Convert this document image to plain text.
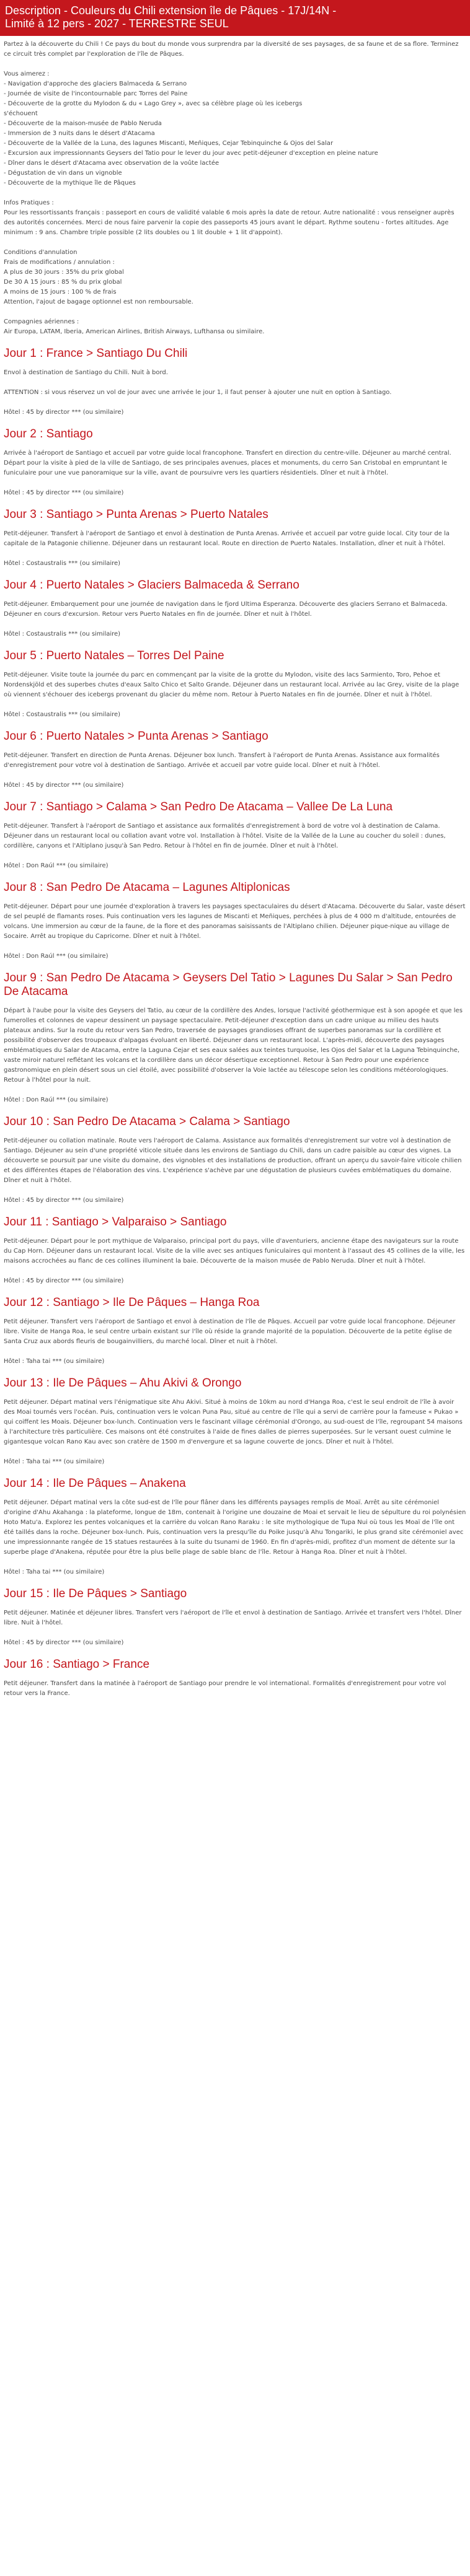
Description - Couleurs du Chili extension île de Pâques - 17J/14N -
Limité à 12 pers - 2027 - TERRESTRE SEUL

Partez à la découverte du Chili ! Ce pays du bout du monde vous surprendra par la diversité de ses paysages, de sa faune et de sa flore. Terminez ce circuit très complet par l'exploration de l'île de Pâques.

Vous aimerez :
- Navigation d'approche des glaciers Balmaceda & Serrano
- Journée de visite de l'incontournable parc Torres del Paine
- Découverte de la grotte du Mylodon & du « Lago Grey », avec sa célèbre plage où les icebergs
s'échouent
- Découverte de la maison-musée de Pablo Neruda
- Immersion de 3 nuits dans le désert d'Atacama
- Découverte de la Vallée de la Luna, des lagunes Miscanti, Meñiques, Cejar Tebinquinche & Ojos del Salar
- Excursion aux impressionnants Geysers del Tatio pour le lever du jour avec petit-déjeuner d'exception en pleine nature
- Dîner dans le désert d'Atacama avec observation de la voûte lactée
- Dégustation de vin dans un vignoble
- Découverte de la mythique île de Pâques
Infos Pratiques :
Pour les ressortissants français : passeport en cours de validité valable 6 mois après la date de retour. Autre nationalité : vous renseigner auprès des autorités concernées. Merci de nous faire parvenir la copie des passeports 45 jours avant le départ. Rythme soutenu - fortes altitudes. Age minimum : 9 ans. Chambre triple possible (2 lits doubles ou 1 lit double + 1 lit d'appoint).
Conditions d'annulation
Frais de modifications / annulation :
A plus de 30 jours : 35% du prix global
De 30 A 15 jours : 85 % du prix global
A moins de 15 jours : 100 % de frais
Attention, l'ajout de bagage optionnel est non remboursable.
Compagnies aériennes :
Air Europa, LATAM, Iberia, American Airlines, British Airways, Lufthansa ou similaire.
Jour 1 : France > Santiago Du Chili

Envol à destination de Santiago du Chili. Nuit à bord.

ATTENTION : si vous réservez un vol de jour avec une arrivée le jour 1, il faut penser à ajouter une nuit en option à Santiago.

Hôtel : 45 by director *** (ou similaire)

Jour 2 : Santiago

Arrivée à l'aéroport de Santiago et accueil par votre guide local francophone. Transfert en direction du centre-ville. Déjeuner au marché central. Départ pour la visite à pied de la ville de Santiago, de ses principales avenues, places et monuments, du cerro San Cristobal en empruntant le funiculaire pour une vue panoramique sur la ville, avant de poursuivre vers les quartiers résidentiels. Dîner et nuit à l'hôtel.

Hôtel : 45 by director *** (ou similaire)

Jour 3 : Santiago > Punta Arenas > Puerto Natales

Petit-déjeuner. Transfert à l'aéroport de Santiago et envol à destination de Punta Arenas. Arrivée et accueil par votre guide local. City tour de la capitale de la Patagonie chilienne. Déjeuner dans un restaurant local. Route en direction de Puerto Natales. Installation, dîner et nuit à l'hôtel.

Hôtel : Costaustralis *** (ou similaire)

Jour 4 : Puerto Natales > Glaciers Balmaceda & Serrano

Petit-déjeuner. Embarquement pour une journée de navigation dans le fjord Ultima Esperanza. Découverte des glaciers Serrano et Balmaceda. Déjeuner en cours d'excursion. Retour vers Puerto Natales en fin de journée. Dîner et nuit à l'hôtel.

Hôtel : Costaustralis *** (ou similaire)

Jour 5 : Puerto Natales – Torres Del Paine

Petit-déjeuner. Visite toute la journée du parc en commençant par la visite de la grotte du Mylodon, visite des lacs Sarmiento, Toro, Pehoe et Nordenskjöld et des superbes chutes d'eaux Salto Chico et Salto Grande. Déjeuner dans un restaurant local. Arrivée au lac Grey, visite de la plage où viennent s'échouer des icebergs provenant du glacier du même nom. Retour à Puerto Natales en fin de journée. Dîner et nuit à l'hôtel.

Hôtel : Costaustralis *** (ou similaire)

Jour 6 : Puerto Natales > Punta Arenas > Santiago

Petit-déjeuner. Transfert en direction de Punta Arenas. Déjeuner box lunch. Transfert à l'aéroport de Punta Arenas. Assistance aux formalités d'enregistrement pour votre vol à destination de Santiago. Arrivée et accueil par votre guide local. Dîner et nuit à l'hôtel.

Hôtel : 45 by director *** (ou similaire)

Jour 7 : Santiago > Calama > San Pedro De Atacama – Vallee De La Luna

Petit-déjeuner. Transfert à l'aéroport de Santiago et assistance aux formalités d'enregistrement à bord de votre vol à destination de Calama. Déjeuner dans un restaurant local ou collation avant votre vol. Installation à l'hôtel. Visite de la Vallée de la Lune au coucher du soleil : dunes, cordillère, canyons et l'Altiplano jusqu'à San Pedro. Retour à l'hôtel en fin de journée. Dîner et nuit à l'hôtel.

Hôtel : Don Raúl *** (ou similaire)

Jour 8 : San Pedro De Atacama – Lagunes Altiplonicas

Petit-déjeuner. Départ pour une journée d'exploration à travers les paysages spectaculaires du désert d'Atacama. Découverte du Salar, vaste désert de sel peuplé de flamants roses. Puis continuation vers les lagunes de Miscanti et Meñiques, perchées à plus de 4 000 m d'altitude, entourées de volcans. Une immersion au cœur de la faune, de la flore et des panoramas saisissants de l'Altiplano chilien. Déjeuner pique-nique au village de Socaire. Arrêt au tropique du Capricorne. Dîner et nuit à l'hôtel.

Hôtel : Don Raúl *** (ou similaire)

Jour 9 : San Pedro De Atacama > Geysers Del Tatio > Lagunes Du Salar > San Pedro De Atacama

Départ à l'aube pour la visite des Geysers del Tatio, au cœur de la cordillère des Andes, lorsque l'activité géothermique est à son apogée et que les fumerolles et colonnes de vapeur dessinent un paysage spectaculaire. Petit-déjeuner d'exception dans un cadre unique au milieu des hauts plateaux andins. Sur la route du retour vers San Pedro, traversée de paysages grandioses offrant de superbes panoramas sur la cordillère et possibilité d'observer des troupeaux d'alpagas évoluant en liberté. Déjeuner dans un restaurant local. L'après-midi, découverte des paysages emblématiques du Salar de Atacama, entre la Laguna Cejar et ses eaux salées aux teintes turquoise, les Ojos del Salar et la Laguna Tebinquinche, vaste miroir naturel reflétant les volcans et la cordillère dans un décor désertique exceptionnel. Retour à San Pedro pour une expérience gastronomique en plein désert sous un ciel étoilé, avec possibilité d'observer la Voie lactée au télescope selon les conditions météorologiques. Retour à l'hôtel pour la nuit.

Hôtel : Don Raúl *** (ou similaire)

Jour 10 : San Pedro De Atacama > Calama > Santiago

Petit-déjeuner ou collation matinale. Route vers l'aéroport de Calama. Assistance aux formalités d'enregistrement sur votre vol à destination de Santiago. Déjeuner au sein d'une propriété viticole située dans les environs de Santiago du Chili, dans un cadre paisible au cœur des vignes. La découverte se poursuit par une visite du domaine, des vignobles et des installations de production, offrant un aperçu du savoir-faire viticole chilien et des différentes étapes de l'élaboration des vins. L'expérience s'achève par une dégustation de plusieurs cuvées emblématiques du domaine. Dîner et nuit à l'hôtel.

Hôtel : 45 by director *** (ou similaire)

Jour 11 : Santiago > Valparaiso > Santiago

Petit-déjeuner. Départ pour le port mythique de Valparaiso, principal port du pays, ville d'aventuriers, ancienne étape des navigateurs sur la route du Cap Horn. Déjeuner dans un restaurant local. Visite de la ville avec ses antiques funiculaires qui montent à l'assaut des 45 collines de la ville, les maisons accrochées au flanc de ces collines illuminent la baie. Découverte de la maison musée de Pablo Neruda. Dîner et nuit à l'hôtel.

Hôtel : 45 by director *** (ou similaire)

Jour 12 : Santiago > Ile De Pâques – Hanga Roa

Petit déjeuner. Transfert vers l'aéroport de Santiago et envol à destination de l'île de Pâques. Accueil par votre guide local francophone. Déjeuner libre. Visite de Hanga Roa, le seul centre urbain existant sur l'île où réside la grande majorité de la population. Découverte de la petite église de Santa Cruz aux abords fleuris de bougainvilliers, du marché local. Dîner et nuit à l'hôtel.

Hôtel : Taha tai *** (ou similaire)

Jour 13 : Ile De Pâques – Ahu Akivi & Orongo

Petit déjeuner. Départ matinal vers l'énigmatique site Ahu Akivi. Situé à moins de 10km au nord d'Hanga Roa, c'est le seul endroit de l'île à avoir des Moai tournés vers l'océan. Puis, continuation vers le volcan Puna Pau, situé au centre de l'île qui a servi de carrière pour la fameuse « Pukao » qui coiffent les Moais. Déjeuner box-lunch. Continuation vers le fascinant village cérémonial d'Orongo, au sud-ouest de l'île, regroupant 54 maisons à l'architecture très particulière. Ces maisons ont été construites à l'aide de fines dalles de pierres superposées. Sur le versant ouest culmine le gigantesque volcan Rano Kau avec son cratère de 1500 m d'envergure et sa lagune couverte de joncs. Dîner et nuit à l'hôtel.

Hôtel : Taha tai *** (ou similaire)

Jour 14 : Ile De Pâques – Anakena

Petit déjeuner. Départ matinal vers la côte sud-est de l'île pour flâner dans les différents paysages remplis de Moaï. Arrêt au site cérémoniel d'origine d'Ahu Akahanga : la plateforme, longue de 18m, contenait à l'origine une douzaine de Moai et servait le lieu de sépulture du roi polynésien Hoto Matu'a. Explorez les pentes volcaniques et la carrière du volcan Rano Raraku : le site mythologique de Tupa Nui où tous les Moaï de l'île ont été taillés dans la roche. Déjeuner box-lunch. Puis, continuation vers la presqu'île du Poike jusqu'à Ahu Tongariki, le plus grand site cérémoniel avec une impressionnante rangée de 15 statues restaurées à la suite du tsunami de 1960. En fin d'après-midi, profitez d'un moment de détente sur la superbe plage d'Anakena, réputée pour être la plus belle plage de sable blanc de l'île. Retour à Hanga Roa. Dîner et nuit à l'hôtel.

Hôtel : Taha tai *** (ou similaire)

Jour 15 : Ile De Pâques > Santiago

Petit déjeuner. Matinée et déjeuner libres. Transfert vers l'aéroport de l'île et envol à destination de Santiago. Arrivée et transfert vers l'hôtel. Dîner libre. Nuit à l'hôtel.

Hôtel : 45 by director *** (ou similaire)

Jour 16 : Santiago > France

Petit déjeuner. Transfert dans la matinée à l'aéroport de Santiago pour prendre le vol international. Formalités d'enregistrement pour votre vol retour vers la France.
